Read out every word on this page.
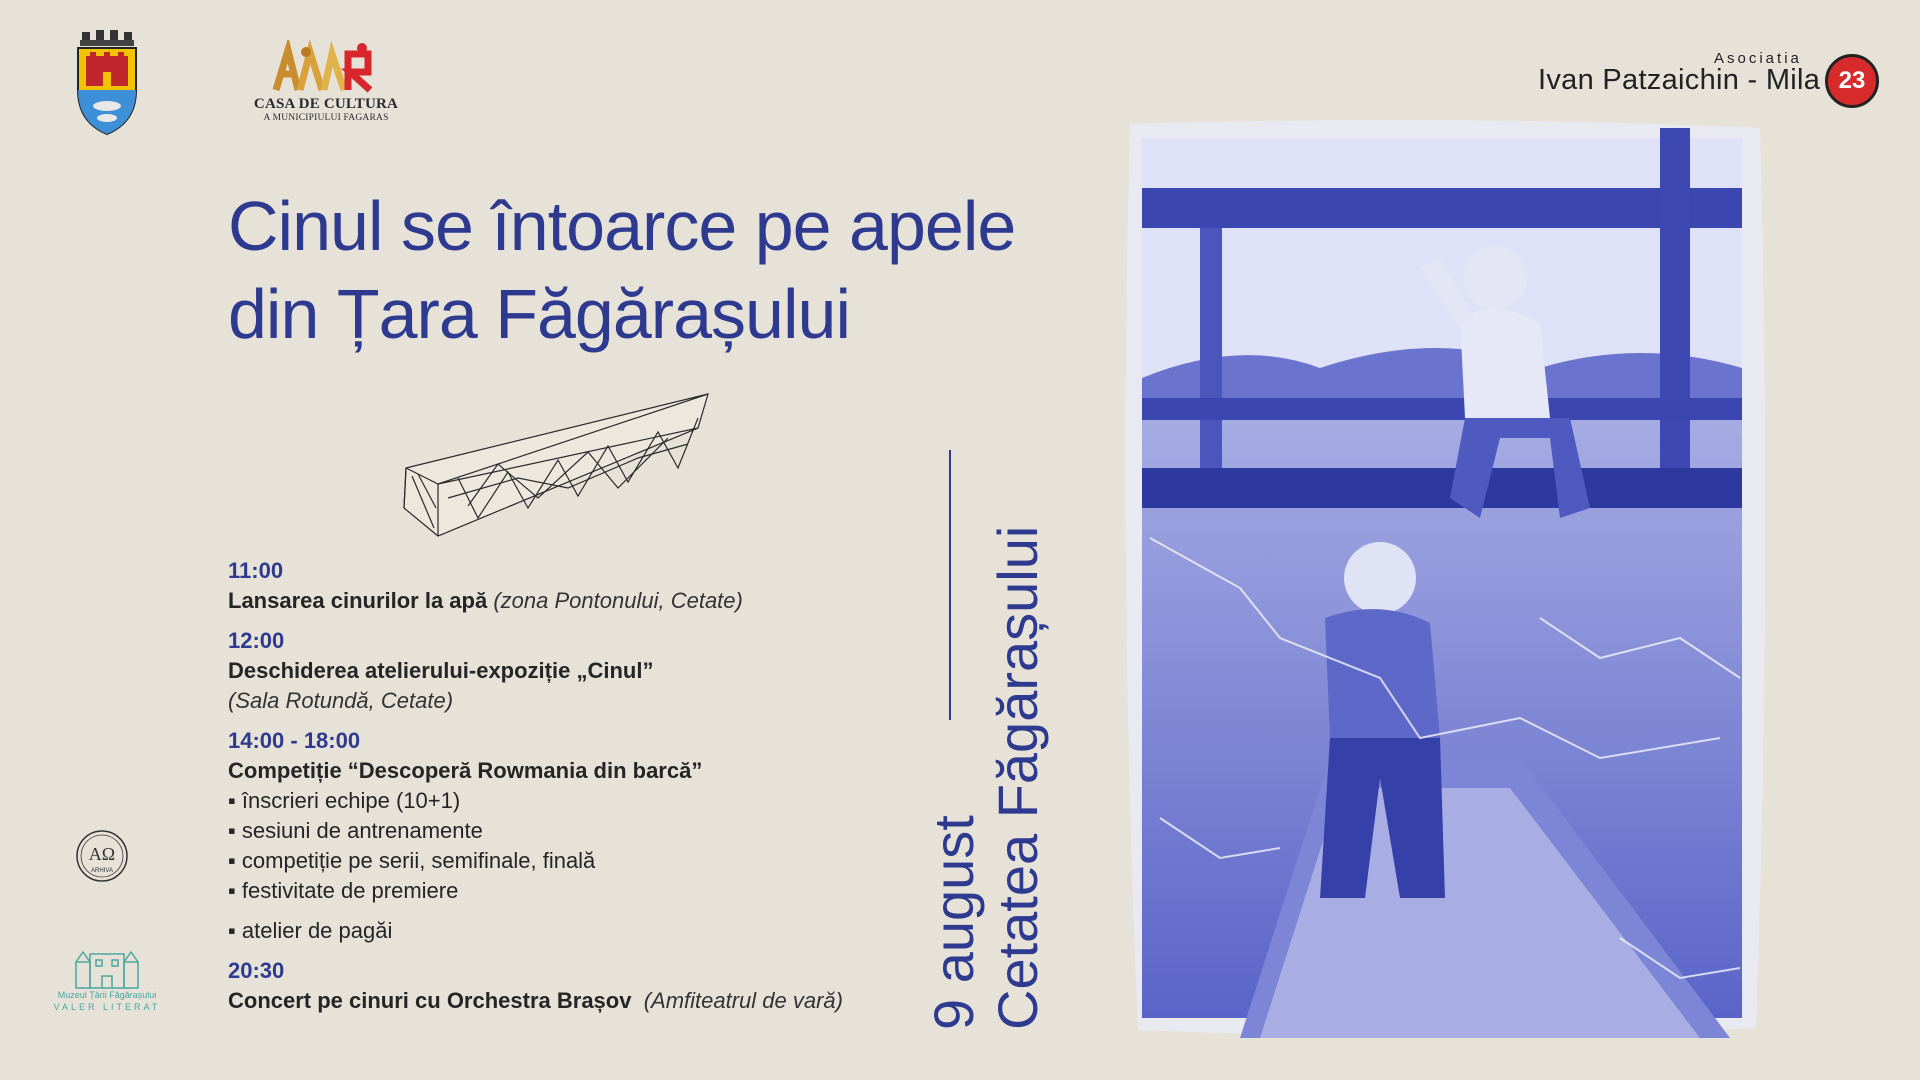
CASA DE CULTURA
A MUNICIPIULUI FAGARAS
Asociatia
Ivan Patzaichin - Mila 23
Cinul se întoarce pe apele
din Țara Făgărașului
11:00
Lansarea cinurilor la apă (zona Pontonului, Cetate)
12:00
Deschiderea atelierului-expoziție „Cinul”
(Sala Rotundă, Cetate)
14:00 - 18:00
Competiție “Descoperă Rowmania din barcă”
▪ înscrieri echipe (10+1)
▪ sesiuni de antrenamente
▪ competiție pe serii, semifinale, finală
▪ festivitate de premiere
▪ atelier de pagăi
20:30
Concert pe cinuri cu Orchestra Brașov (Amfiteatrul de vară)	9 august Cetatea Făgărașului
ΑΩ
ARHIVA
Muzeul Țării Făgărașului
VALER LITERAT
